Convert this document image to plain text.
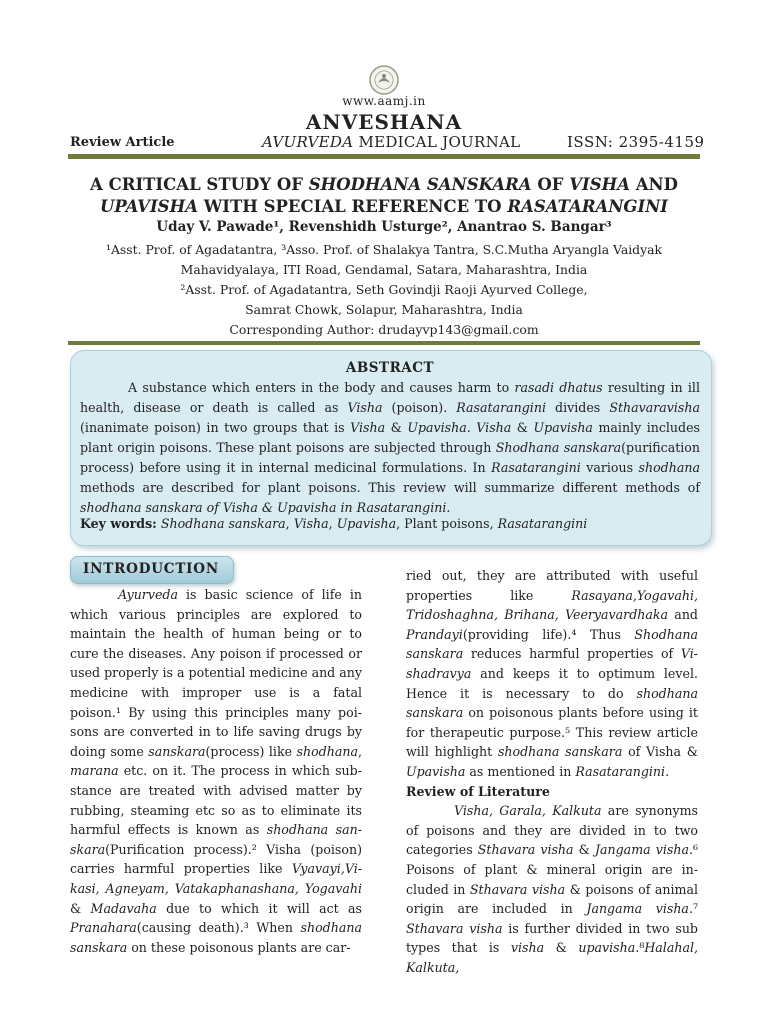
www.aamj.in
ANVESHANA
Review Article	AVURVEDA MEDICAL JOURNAL	ISSN: 2395-4159
A CRITICAL STUDY OF SHODHANA SANSKARA OF VISHA AND
UPAVISHA WITH SPECIAL REFERENCE TO RASATARANGINI
Uday V. Pawade¹, Revenshidh Usturge², Anantrao S. Bangar³
¹Asst. Prof. of Agadatantra, ³Asso. Prof. of Shalakya Tantra, S.C.Mutha Aryangla Vaidyak
Mahavidyalaya, ITI Road, Gendamal, Satara, Maharashtra, India
²Asst. Prof. of Agadatantra, Seth Govindji Raoji Ayurved College,
Samrat Chowk, Solapur, Maharashtra, India
Corresponding Author: drudayvp143@gmail.com
ABSTRACT

A substance which enters in the body and causes harm to rasadi dhatus resulting in ill health, disease or death is called as Visha (poison). Rasatarangini divides Sthavaravisha (inanimate poison) in two groups that is Visha & Upavisha. Visha & Upavisha mainly includes plant origin poisons. These plant poisons are subjected through Shodhana sanskara(purification process) before using it in internal medicinal formulations. In Rasatarangini various shodhana methods are described for plant poisons. This review will summarize different methods of shodhana sanskara of Visha & Upavisha in Rasatarangini.

Key words: Shodhana sanskara, Visha, Upavisha, Plant poisons, Rasatarangini
INTRODUCTION

Ayurveda is basic science of life in which various principles are explored to maintain the health of human being or to cure the diseases. Any poison if processed or used properly is a potential medicine and any medicine with improper use is a fatal poison.¹ By using this principles many poisons are converted in to life saving drugs by doing some sanskara(process) like shodhana, marana etc. on it. The process in which substance are treated with advised matter by rubbing, steaming etc so as to eliminate its harmful effects is known as shodhana sanskara(Purification process).² Visha (poison) carries harmful properties like Vyavayi,Vikasi, Agneyam, Vatakaphanashana, Yogavahi & Madavaha due to which it will act as Pranahara(causing death).³ When shodhana sanskara on these poisonous plants are car-

ried out, they are attributed with useful properties like Rasayana,Yogavahi, Tridoshaghna, Brihana, Veeryavardhaka and Prandayi(providing life).⁴ Thus Shodhana sanskara reduces harmful properties of Vishadravya and keeps it to optimum level. Hence it is necessary to do shodhana sanskara on poisonous plants before using it for therapeutic purpose.⁵ This review article will highlight shodhana sanskara of Visha & Upavisha as mentioned in Rasatarangini.

Review of Literature

Visha, Garala, Kalkuta are synonyms of poisons and they are divided in to two categories Sthavara visha & Jangama visha.⁶ Poisons of plant & mineral origin are included in Sthavara visha & poisons of animal origin are included in Jangama visha.⁷ Sthavara visha is further divided in two sub types that is visha & upavisha.⁸Halahal, Kalkuta,
